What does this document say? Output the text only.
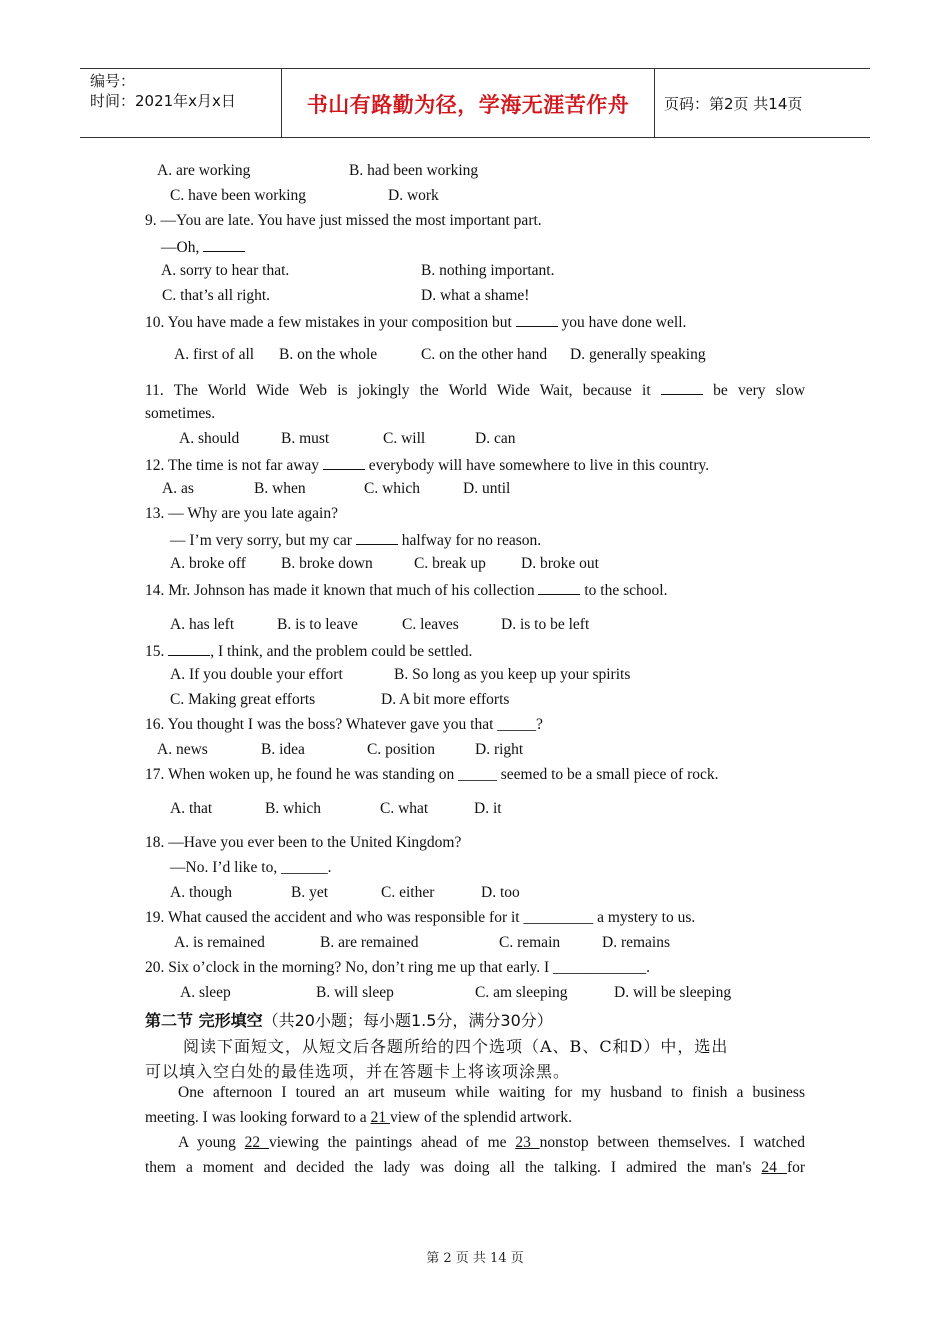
编号：
时间：2021年x月x日	书山有路勤为径，学海无涯苦作舟	页码：第2页 共14页
A. are working	B. had been working
C. have been working	D. work
9. —You are late. You have just missed the most important part.
—Oh,
A. sorry to hear that.	B. nothing important.
C. that’s all right.	D. what a shame!
10. You have made a few mistakes in your composition but	you have done well.
A. first of all B. on the whole	C. on the other hand D. generally speaking
11. The World Wide Web is jokingly the World Wide Wait, because it	be very slow
sometimes.
A. should	B. must	C. will	D. can
12. The time is not far away	everybody will have somewhere to live in this country.
A. as	B. when	C. which	D. until
13. — Why are you late again?
— I’m very sorry, but my car	halfway for no reason.
A. broke off B. broke down	C. break up D. broke out
14. Mr. Johnson has made it known that much of his collection	to the school.
A. has left	B. is to leave	C. leaves	D. is to be left
15.	, I think, and the problem could be settled.
A. If you double your effort	B. So long as you keep up your spirits
C. Making great efforts	D. A bit more efforts
16. You thought I was the boss? Whatever gave you that _____?
A. news	B. idea	C. position	D. right
17. When woken up, he found he was standing on _____ seemed to be a small piece of rock.
A. that	B. which	C. what	D. it
18. —Have you ever been to the United Kingdom?
—No. I’d like to, ______.
A. though	B. yet	C. either	D. too
19. What caused the accident and who was responsible for it _________ a mystery to us.
A. is remained	B. are remained	C. remain	D. remains
20. Six o’clock in the morning? No, don’t ring me up that early. I ____________.
A. sleep	B. will sleep	C. am sleeping	D. will be sleeping
第二节 完形填空（共20小题；每小题1.5分，满分30分）
阅读下面短文，从短文后各题所给的四个选项（A、B、C和D）中，选出
可以填入空白处的最佳选项，并在答题卡上将该项涂黑。
One afternoon I toured an art museum while waiting for my husband to finish a business
meeting. I was looking forward to a 21 view of the splendid artwork.
A young 22 viewing the paintings ahead of me 23 nonstop between themselves. I watched
them a moment and decided the lady was doing all the talking. I admired the man's 24 for
第 2 页 共 14 页
